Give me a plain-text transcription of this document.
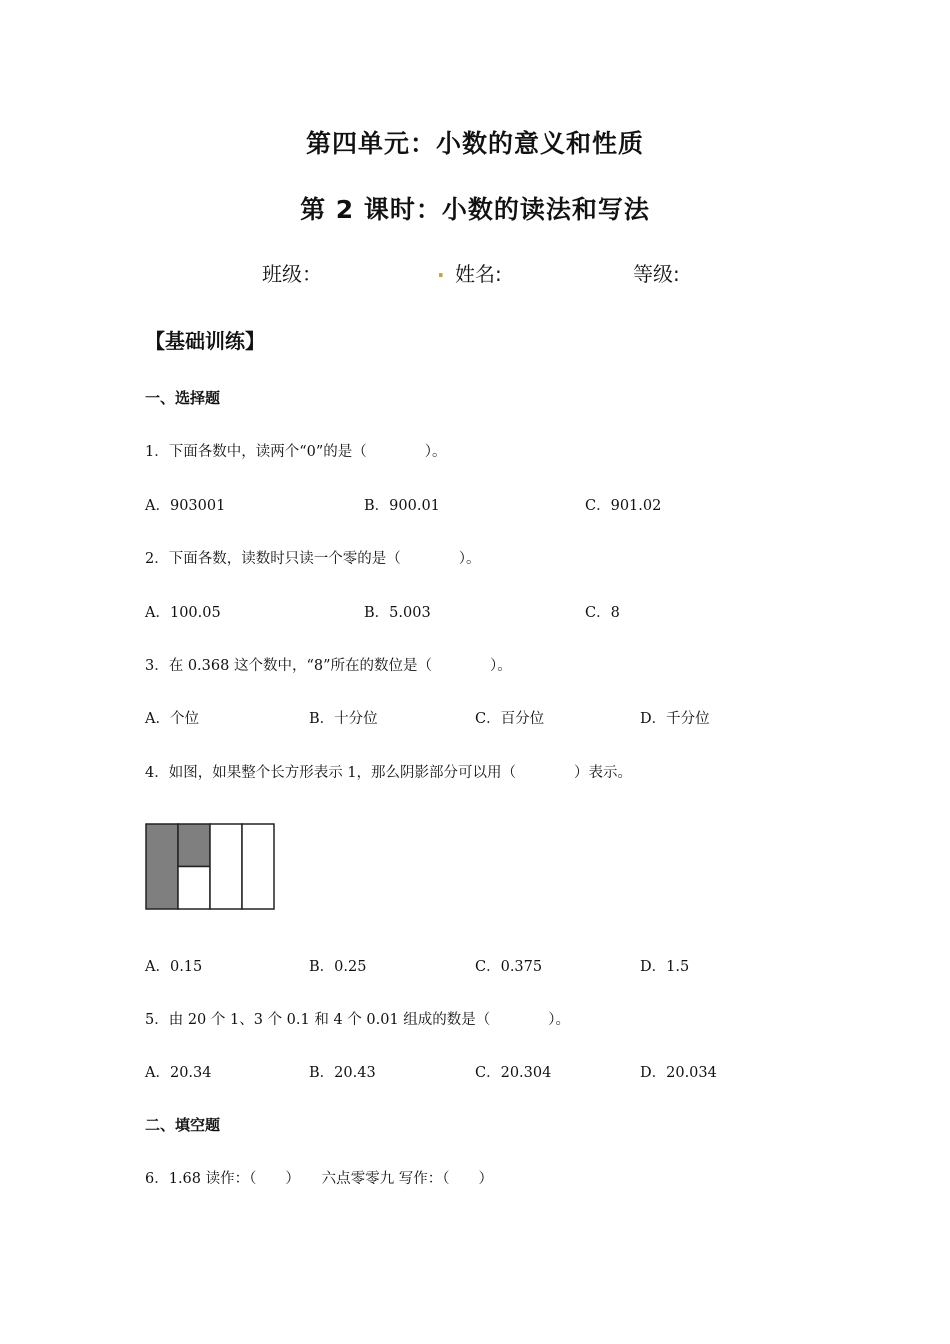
第四单元：小数的意义和性质
第 2 课时：小数的读法和写法
班级：	. 姓名:	等级:
【基础训练】
一、选择题
1．下面各数中，读两个“0”的是（　　　　）。
A．903001	B．900.01	C．901.02
2．下面各数，读数时只读一个零的是（　　　　）。
A．100.05	B．5.003	C．8
3．在 0.368 这个数中，“8”所在的数位是（　　　　）。
A．个位	B．十分位	C．百分位	D．千分位
4．如图，如果整个长方形表示 1，那么阴影部分可以用（　　　　）表示。
A．0.15	B．0.25	C．0.375	D．1.5
5．由 20 个 1、3 个 0.1 和 4 个 0.01 组成的数是（　　　　）。
A．20.34	B．20.43	C．20.304	D．20.034
二、填空题
6．1.68 读作：（　　）　　六点零零九 写作：（　　）
